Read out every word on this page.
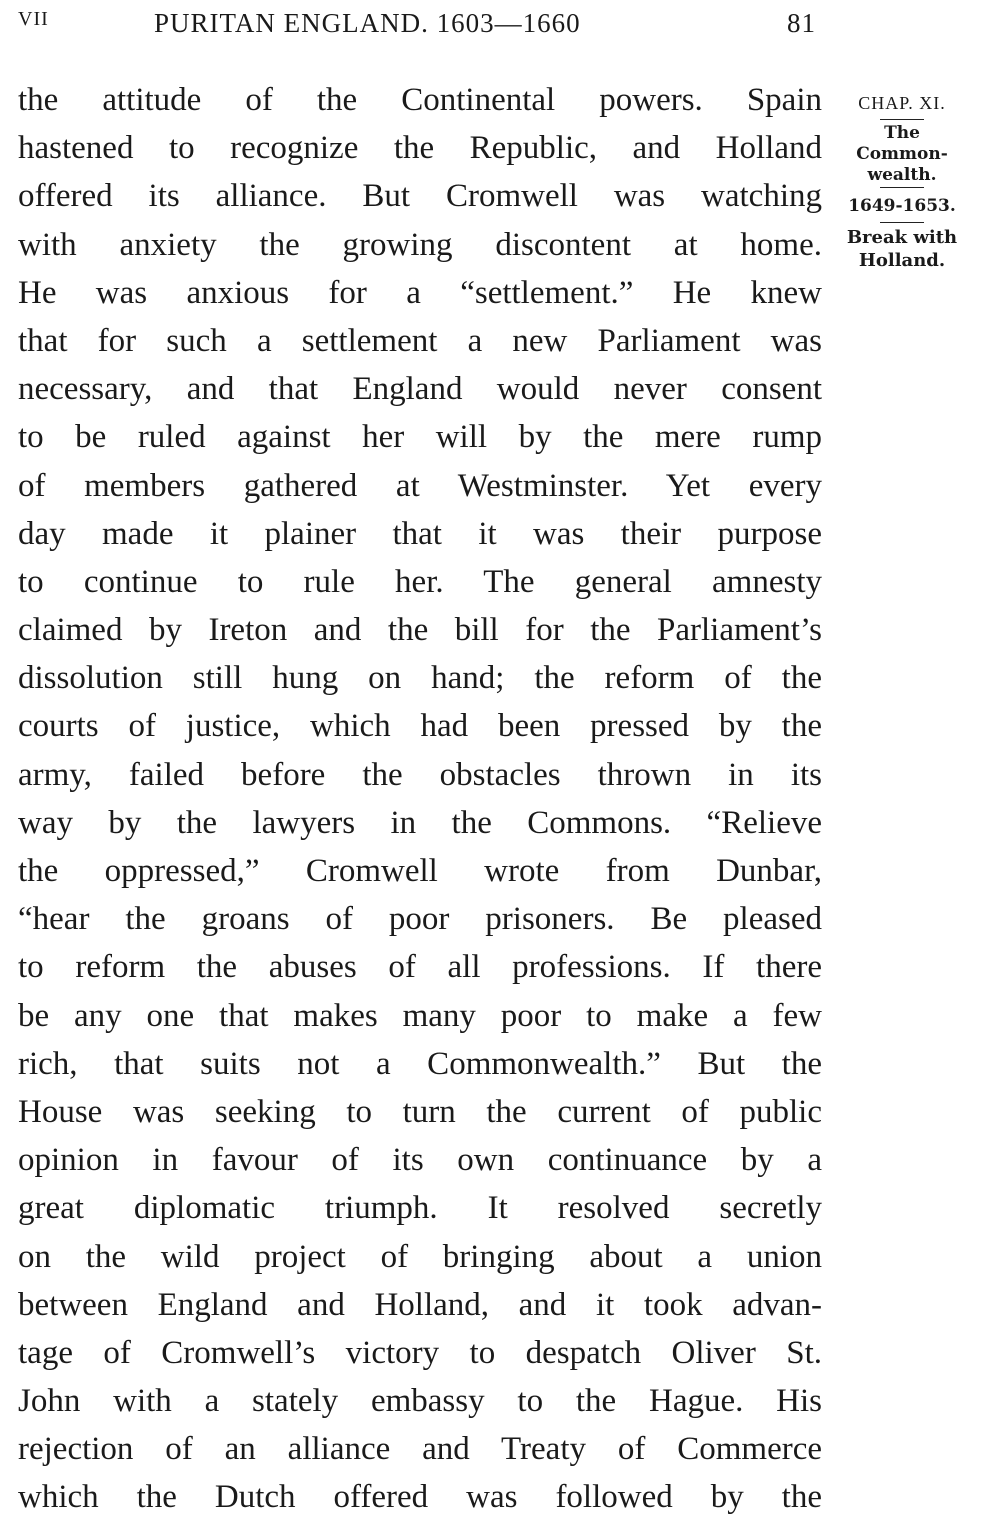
VII	PURITAN ENGLAND. 1603—1660	81
the attitude of the Continental powers. Spain
hastened to recognize the Republic, and Holland
offered its alliance. But Cromwell was watching
with anxiety the growing discontent at home.
He was anxious for a “settlement.” He knew
that for such a settlement a new Parliament was
necessary, and that England would never consent
to be ruled against her will by the mere rump
of members gathered at Westminster. Yet every
day made it plainer that it was their purpose
to continue to rule her. The general amnesty
claimed by Ireton and the bill for the Parliament’s
dissolution still hung on hand; the reform of the
courts of justice, which had been pressed by the
army, failed before the obstacles thrown in its
way by the lawyers in the Commons. “Relieve
the oppressed,” Cromwell wrote from Dunbar,
“hear the groans of poor prisoners. Be pleased
to reform the abuses of all professions. If there
be any one that makes many poor to make a few
rich, that suits not a Commonwealth.” But the
House was seeking to turn the current of public
opinion in favour of its own continuance by a
great diplomatic triumph. It resolved secretly
on the wild project of bringing about a union
between England and Holland, and it took advan-
tage of Cromwell’s victory to despatch Oliver St.
John with a stately embassy to the Hague. His
rejection of an alliance and Treaty of Commerce
which the Dutch offered was followed by the
CHAP. XI.
The
Common-
wealth.
1649-1653.
Break with
Holland.
